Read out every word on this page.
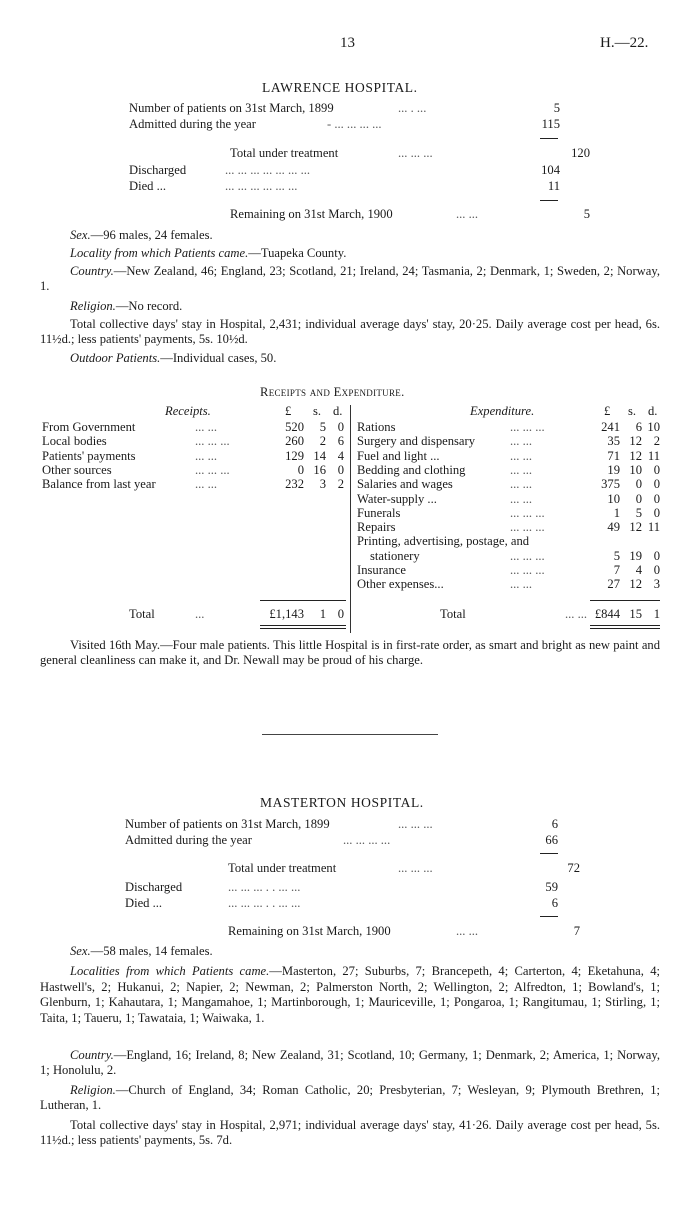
13	H.—22.
LAWRENCE HOSPITAL.
Number of patients on 31st March, 1899	... . ...	5
Admitted during the year	- ... ... ... ...	115
Total under treatment	... ... ...	120
Discharged	... ... ... ... ... ... ...	104
Died ...	... ... ... ... ... ...	11
Remaining on 31st March, 1900	... ...	5
Sex.—96 males, 24 females.
Locality from which Patients came.—Tuapeka County.
Country.—New Zealand, 46; England, 23; Scotland, 21; Ireland, 24; Tasmania, 2; Denmark, 1; Sweden, 2; Norway, 1.
Religion.—No record.
Total collective days' stay in Hospital, 2,431; individual average days' stay, 20·25. Daily average cost per head, 6s. 11½d.; less patients' payments, 5s. 10½d.
Outdoor Patients.—Individual cases, 50.
Receipts and Expenditure.
Receipts.	£ s. d.	Expenditure.	£ s. d.
From Government	... ...	520	5 0
Local bodies	... ... ...	260	2 6
Patients' payments	... ...	129 14 4
Other sources	... ... ...	0 16 0
Balance from last year	... ...	232	3 2
Rations	... ... ...	241	6 10
Surgery and dispensary	... ...	35 12 2
Fuel and light ...	... ...	71 12 11
Bedding and clothing	... ...	19 10 0
Salaries and wages	... ...	375	0 0
Water-supply ...	... ...	10	0 0
Funerals	... ... ...	1	5 0
Repairs	... ... ...	49 12 11
Printing, advertising, postage, and
stationery	... ... ...	5 19 0
Insurance	... ... ...	7	4 0
Other expenses...	... ...	27 12 3
Total	...	£1,143	1 0	Total	... ... £844 15 1
Visited 16th May.—Four male patients. This little Hospital is in first-rate order, as smart and bright as new paint and general cleanliness can make it, and Dr. Newall may be proud of his charge.
MASTERTON HOSPITAL.
Number of patients on 31st March, 1899	... ... ...	6
Admitted during the year	... ... ... ...	66
Total under treatment	... ... ...	72
Discharged	... ... ... . . ... ...	59
Died ...	... ... ... . . ... ...	6
Remaining on 31st March, 1900	... ...	7
Sex.—58 males, 14 females.
Localities from which Patients came.—Masterton, 27; Suburbs, 7; Brancepeth, 4; Carterton, 4; Eketahuna, 4; Hastwell's, 2; Hukanui, 2; Napier, 2; Newman, 2; Palmerston North, 2; Wellington, 2; Alfredton, 1; Bowland's, 1; Glenburn, 1; Kahautara, 1; Mangamahoe, 1; Martinborough, 1; Mauriceville, 1; Pongaroa, 1; Rangitumau, 1; Stirling, 1; Taita, 1; Taueru, 1; Tawataia, 1; Waiwaka, 1.
Country.—England, 16; Ireland, 8; New Zealand, 31; Scotland, 10; Germany, 1; Denmark, 2; America, 1; Norway, 1; Honolulu, 2.
Religion.—Church of England, 34; Roman Catholic, 20; Presbyterian, 7; Wesleyan, 9; Plymouth Brethren, 1; Lutheran, 1.
Total collective days' stay in Hospital, 2,971; individual average days' stay, 41·26. Daily average cost per head, 5s. 11½d.; less patients' payments, 5s. 7d.
